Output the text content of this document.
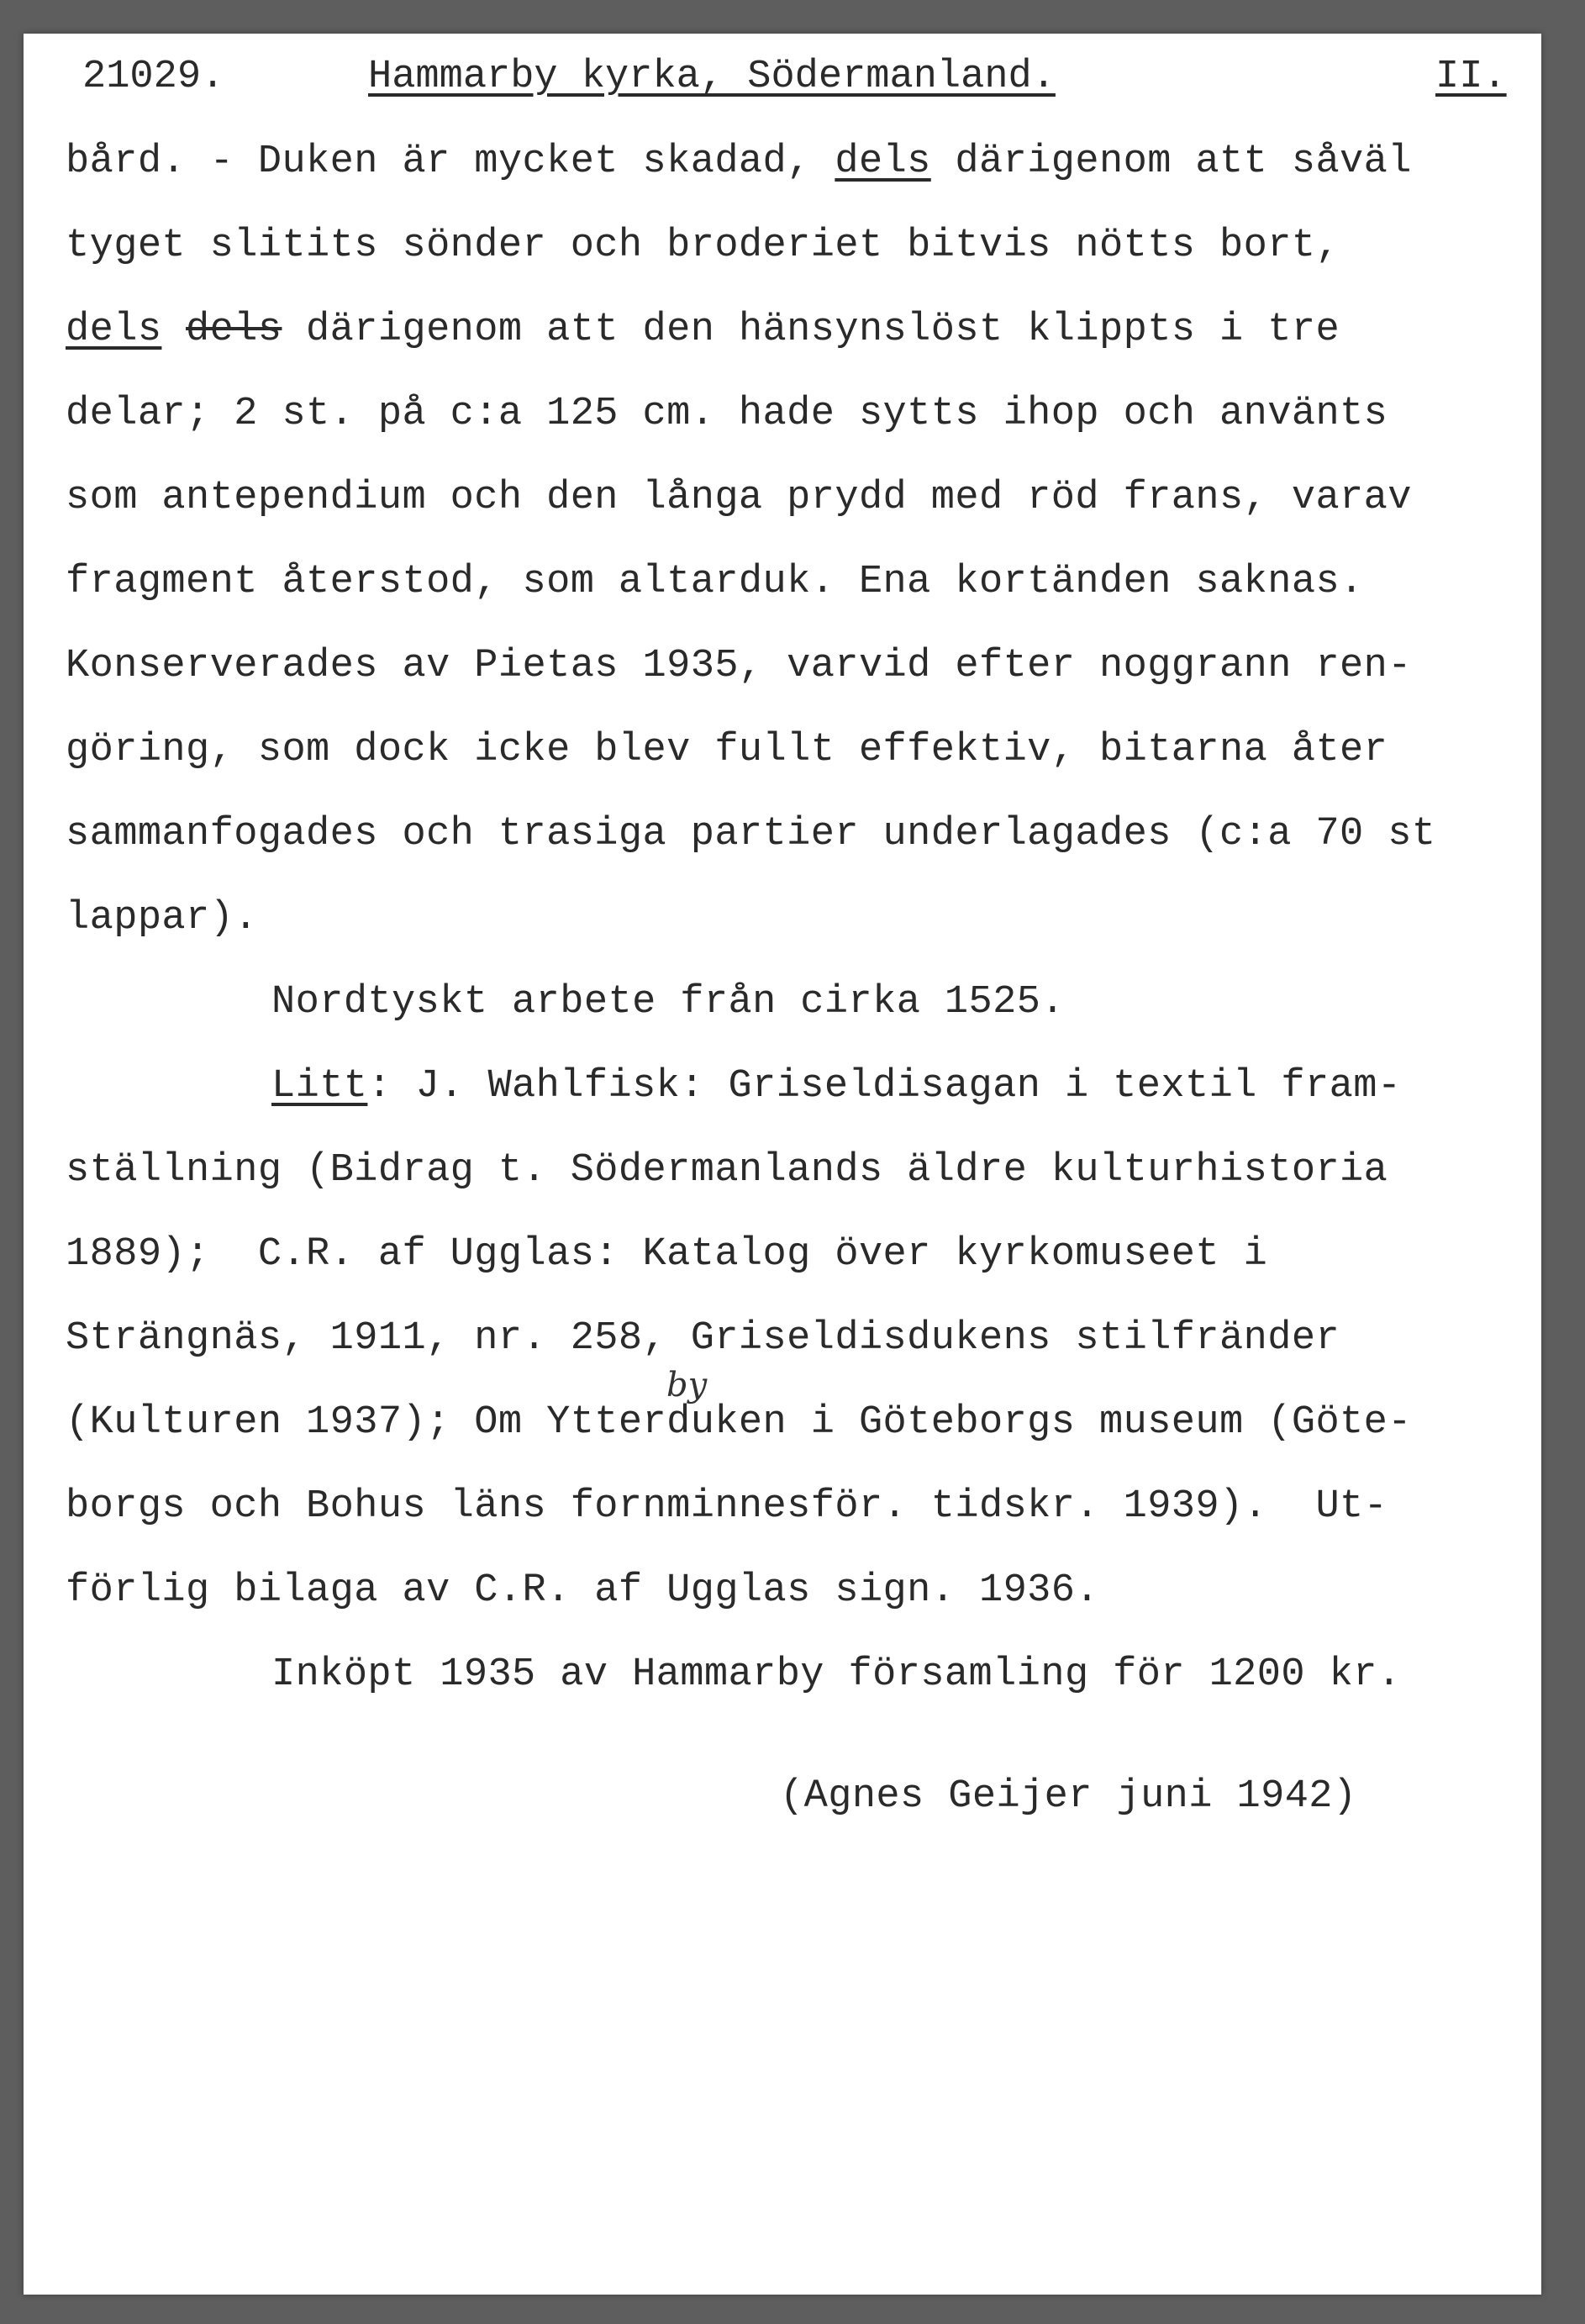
21029.	Hammarby kyrka, Södermanland.	II.
bård. - Duken är mycket skadad, dels därigenom att såväl
tyget slitits sönder och broderiet bitvis nötts bort,
dels dels därigenom att den hänsynslöst klippts i tre
delar; 2 st. på c:a 125 cm. hade sytts ihop och använts
som antependium och den långa prydd med röd frans, varav
fragment återstod, som altarduk. Ena kortänden saknas.
Konserverades av Pietas 1935, varvid efter noggrann ren-
göring, som dock icke blev fullt effektiv, bitarna åter
sammanfogades och trasiga partier underlagades (c:a 70 st
lappar).
Nordtyskt arbete från cirka 1525.
Litt: J. Wahlfisk: Griseldisagan i textil fram-
ställning (Bidrag t. Södermanlands äldre kulturhistoria
1889);  C.R. af Ugglas: Katalog över kyrkomuseet i
Strängnäs, 1911, nr. 258, Griseldisdukens stilfränder
by
(Kulturen 1937); Om Ytterduken i Göteborgs museum (Göte-
borgs och Bohus läns fornminnesför. tidskr. 1939).  Ut-
förlig bilaga av C.R. af Ugglas sign. 1936.
Inköpt 1935 av Hammarby församling för 1200 kr.
(Agnes Geijer juni 1942)
